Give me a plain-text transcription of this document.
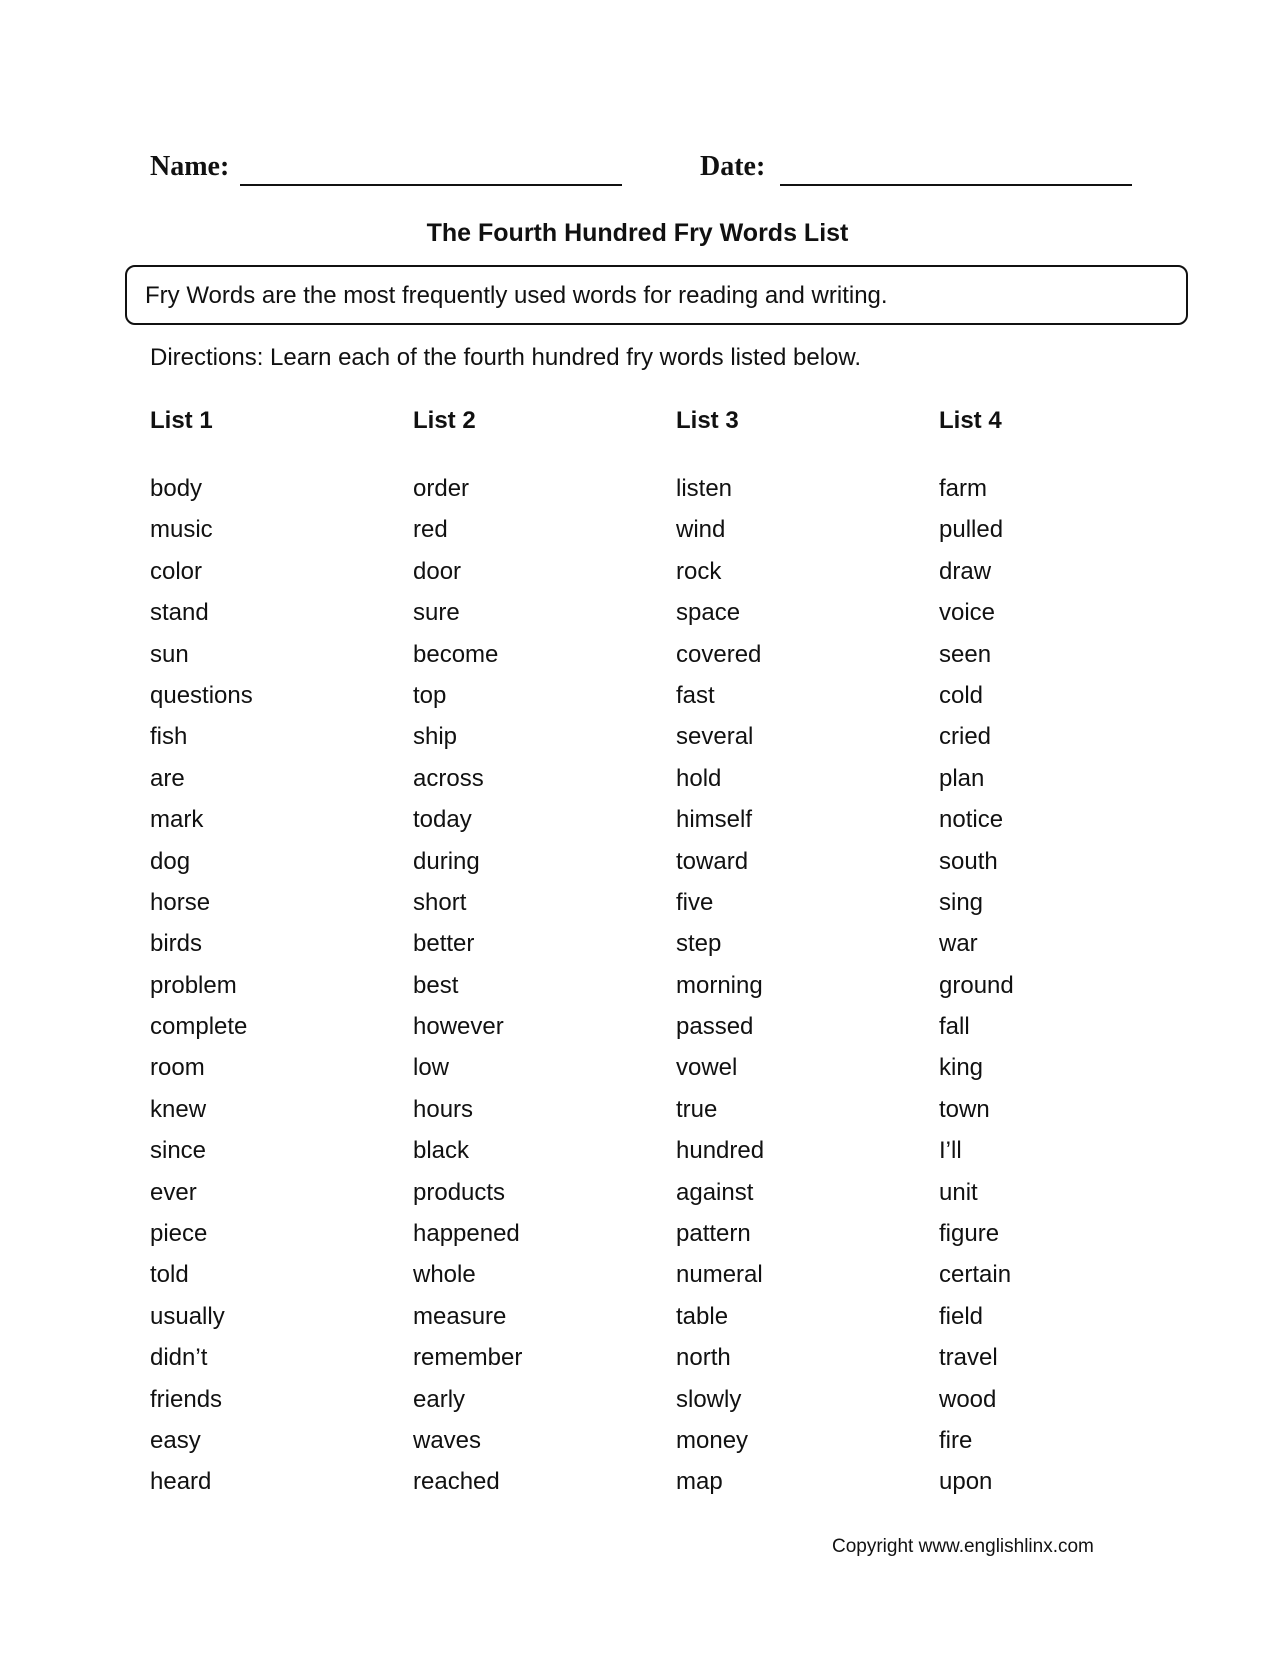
Name:	Date:
The Fourth Hundred Fry Words List
Fry Words are the most frequently used words for reading and writing.
Directions: Learn each of the fourth hundred fry words listed below.
List 1
body
music
color
stand
sun
questions
fish
are
mark
dog
horse
birds
problem
complete
room
knew
since
ever
piece
told
usually
didn’t
friends
easy
heard
List 2
order
red
door
sure
become
top
ship
across
today
during
short
better
best
however
low
hours
black
products
happened
whole
measure
remember
early
waves
reached
List 3
listen
wind
rock
space
covered
fast
several
hold
himself
toward
five
step
morning
passed
vowel
true
hundred
against
pattern
numeral
table
north
slowly
money
map
List 4
farm
pulled
draw
voice
seen
cold
cried
plan
notice
south
sing
war
ground
fall
king
town
I’ll
unit
figure
certain
field
travel
wood
fire
upon
Copyright www.englishlinx.com
